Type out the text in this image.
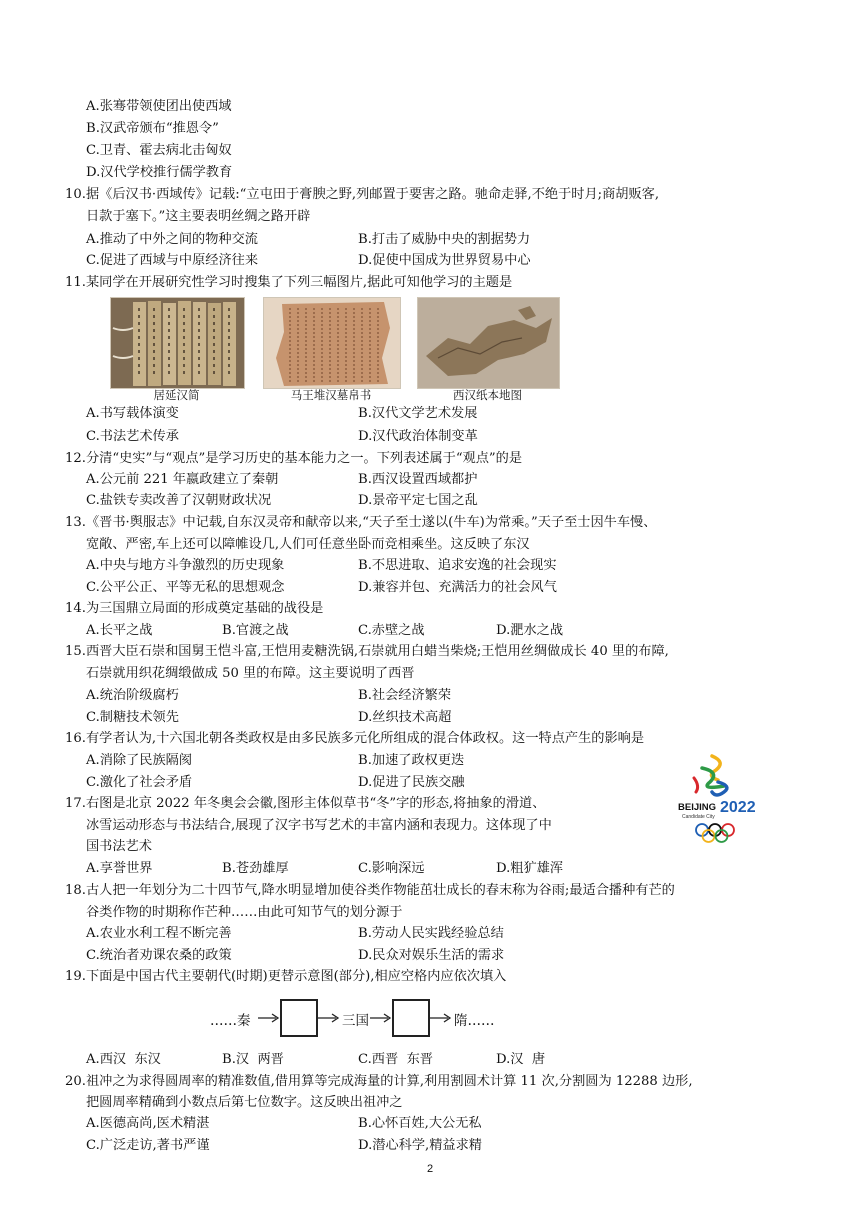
A.张骞带领使团出使西域
B.汉武帝颁布“推恩令”
C.卫青、霍去病北击匈奴
D.汉代学校推行儒学教育
10.据《后汉书·西域传》记载:“立屯田于膏腴之野,列邮置于要害之路。驰命走驿,不绝于时月;商胡贩客,
日款于塞下。”这主要表明丝绸之路开辟
A.推动了中外之间的物种交流	B.打击了威胁中央的割据势力
C.促进了西域与中原经济往来	D.促使中国成为世界贸易中心
11.某同学在开展研究性学习时搜集了下列三幅图片,据此可知他学习的主题是
居延汉简	马王堆汉墓帛书	西汉纸本地图
A.书写载体演变	B.汉代文学艺术发展
C.书法艺术传承	D.汉代政治体制变革
12.分清“史实”与“观点”是学习历史的基本能力之一。下列表述属于“观点”的是
A.公元前 221 年嬴政建立了秦朝	B.西汉设置西域都护
C.盐铁专卖改善了汉朝财政状况	D.景帝平定七国之乱
13.《晋书·舆服志》中记载,自东汉灵帝和献帝以来,“天子至士遂以(牛车)为常乘。”天子至士因牛车慢、
宽敞、严密,车上还可以障帷设几,人们可任意坐卧而竞相乘坐。这反映了东汉
A.中央与地方斗争激烈的历史现象	B.不思进取、追求安逸的社会现实
C.公平公正、平等无私的思想观念	D.兼容并包、充满活力的社会风气
14.为三国鼎立局面的形成奠定基础的战役是
A.长平之战	B.官渡之战	C.赤壁之战	D.淝水之战
15.西晋大臣石崇和国舅王恺斗富,王恺用麦糖洗锅,石崇就用白蜡当柴烧;王恺用丝绸做成长 40 里的布障,
石崇就用织花绸缎做成 50 里的布障。这主要说明了西晋
A.统治阶级腐朽	B.社会经济繁荣
C.制糖技术领先	D.丝织技术高超
16.有学者认为,十六国北朝各类政权是由多民族多元化所组成的混合体政权。这一特点产生的影响是
A.消除了民族隔阂	B.加速了政权更迭
C.激化了社会矛盾	D.促进了民族交融
17.右图是北京 2022 年冬奥会会徽,图形主体似草书“冬”字的形态,将抽象的滑道、
冰雪运动形态与书法结合,展现了汉字书写艺术的丰富内涵和表现力。这体现了中
国书法艺术
A.享誉世界	B.苍劲雄厚	C.影响深远	D.粗犷雄浑
BEIJING 2022
Candidate City
18.古人把一年划分为二十四节气,降水明显增加使谷类作物能茁壮成长的春末称为谷雨;最适合播种有芒的
谷类作物的时期称作芒种……由此可知节气的划分源于
A.农业水利工程不断完善	B.劳动人民实践经验总结
C.统治者劝课农桑的政策	D.民众对娱乐生活的需求
19.下面是中国古代主要朝代(时期)更替示意图(部分),相应空格内应依次填入
……秦	三国	隋……
A.西汉  东汉	B.汉  两晋	C.西晋  东晋	D.汉  唐
20.祖冲之为求得圆周率的精准数值,借用算等完成海量的计算,利用割圆术计算 11 次,分割圆为 12288 边形,
把圆周率精确到小数点后第七位数字。这反映出祖冲之
A.医德高尚,医术精湛	B.心怀百姓,大公无私
C.广泛走访,著书严谨	D.潜心科学,精益求精
2
